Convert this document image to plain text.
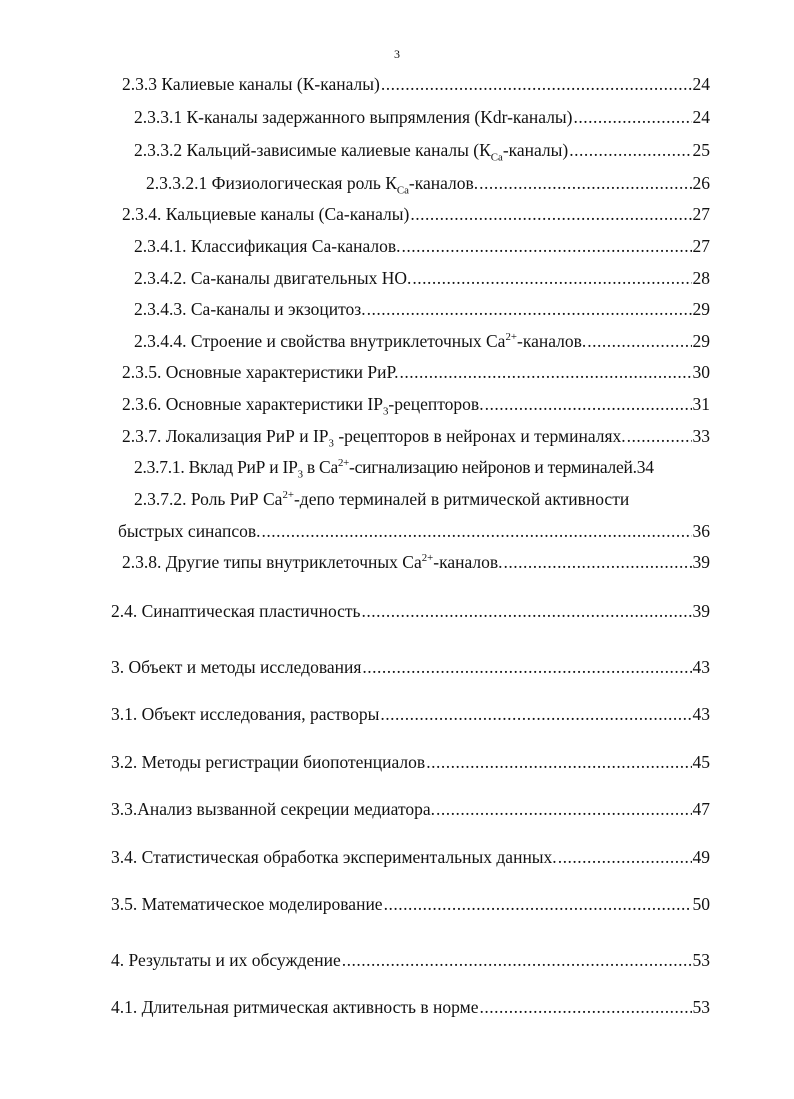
3
2.3.3 Калиевые каналы (К-каналы) .....	24
2.3.3.1 К-каналы задержанного выпрямления (Kdr-каналы) .....	24
2.3.3.2 Кальций-зависимые калиевые каналы $(К_{Ca}-каналы)$ .....	25
2.3.3.2.1 Физиологическая роль $К_{Ca}$-каналов. .....	26
2.3.4. Кальциевые каналы (Са-каналы) .....	27
2.3.4.1. Классификация Са-каналов. .....	27
2.3.4.2. Са-каналы двигательных НО. .....	28
2.3.4.3. Са-каналы и экзоцитоз. .....	29
2.3.4.4. Строение и свойства внутриклеточных $Са^{2+}$-каналов. .....	29
2.3.5. Основные характеристики РиР. .....	30
2.3.6. Основные характеристики $IP_3$-рецепторов. .....	31
2.3.7. Локализация РиР и $IP_3$ -рецепторов в нейронах и терминалях. .....	33
2.3.7.1. Вклад РиР и $IP_3$ в $Са^{2+}$-сигнализацию нейронов и терминалей.34
2.3.7.2. Роль РиР $Са^{2+}$-депо терминалей в ритмической активности
быстрых синапсов. .....	36
2.3.8. Другие типы внутриклеточных $Са^{2+}$-каналов. .....	39
2.4. Синаптическая пластичность .....	39
3. Объект и методы исследования .....	43
3.1. Объект исследования, растворы .....	43
3.2. Методы регистрации биопотенциалов .....	45
3.3.Анализ вызванной секреции медиатора. .....	47
3.4. Статистическая обработка экспериментальных данных. .....	49
3.5. Математическое моделирование .....	50
4. Результаты и их обсуждение .....	53
4.1. Длительная ритмическая активность в норме .....	53
